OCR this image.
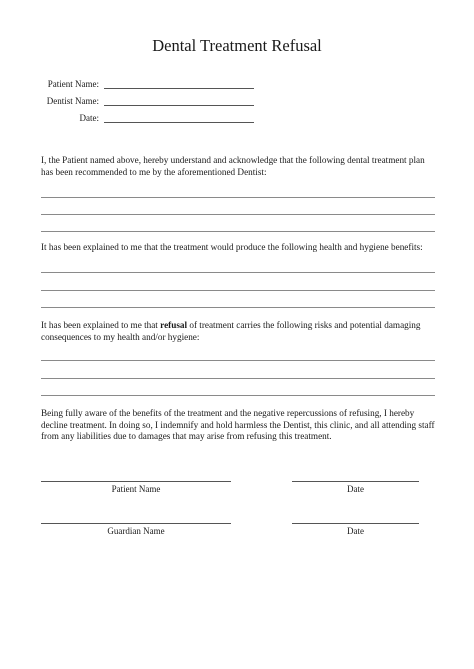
Dental Treatment Refusal
Patient Name:
Dentist Name:
Date:
I, the Patient named above, hereby understand and acknowledge that the following dental treatment plan has been recommended to me by the aforementioned Dentist:
It has been explained to me that the treatment would produce the following health and hygiene benefits:
It has been explained to me that refusal of treatment carries the following risks and potential damaging consequences to my health and/or hygiene:
Being fully aware of the benefits of the treatment and the negative repercussions of refusing, I hereby decline treatment. In doing so, I indemnify and hold harmless the Dentist, this clinic, and all attending staff from any liabilities due to damages that may arise from refusing this treatment.
Patient Name	Date
Guardian Name	Date
